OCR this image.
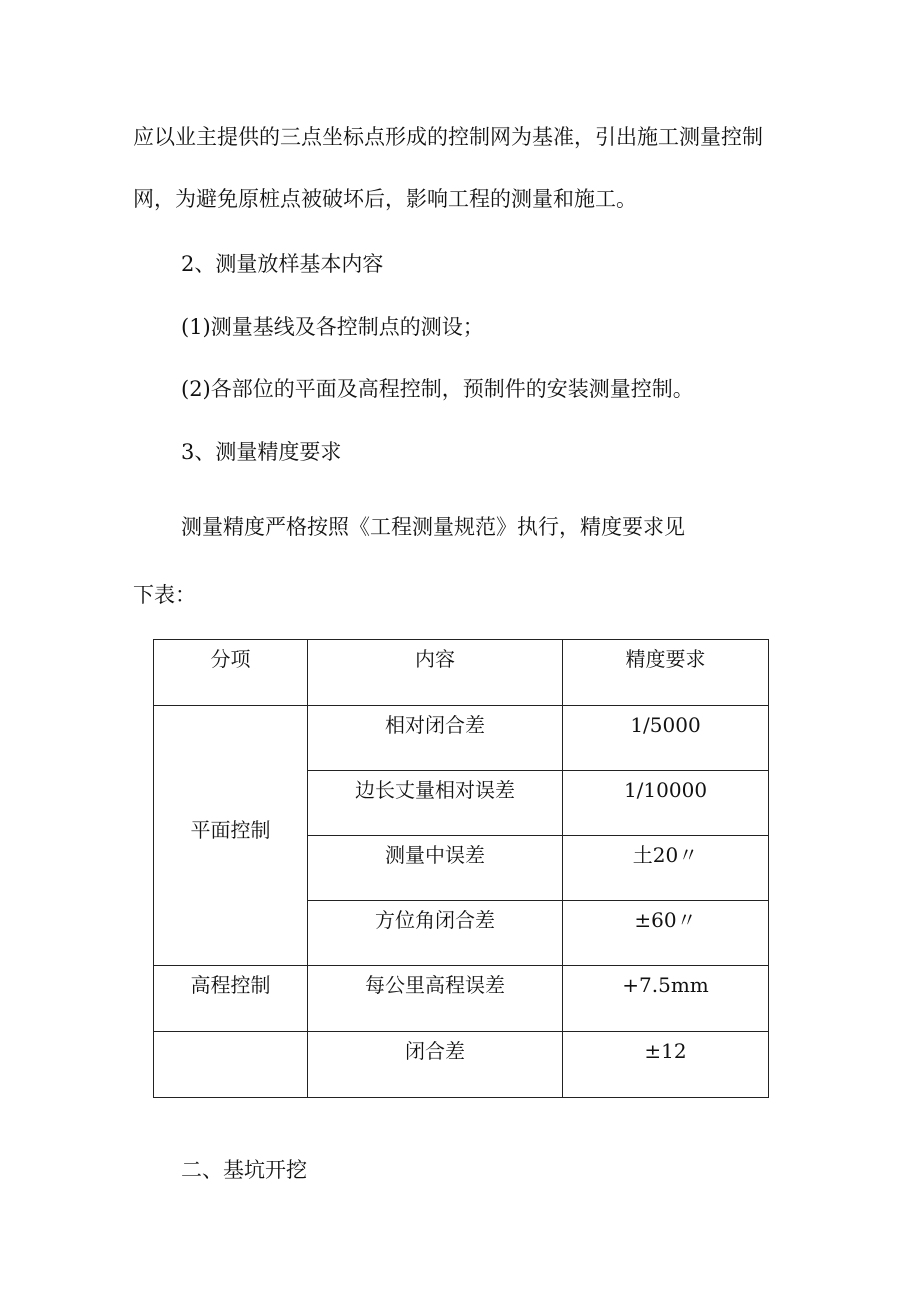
应以业主提供的三点坐标点形成的控制网为基准，引出施工测量控制

网，为避免原桩点被破坏后，影响工程的测量和施工。

2、测量放样基本内容

(1)测量基线及各控制点的测设；

(2)各部位的平面及高程控制，预制件的安装测量控制。

3、测量精度要求

测量精度严格按照《工程测量规范》执行，精度要求见

下表：

分项	内容	精度要求
平面控制	相对闭合差	1/5000
	边长丈量相对误差	1/10000
	测量中误差	土20〃
	方位角闭合差	±60〃
高程控制	每公里高程误差	+7.5mm
	闭合差	±12

二、基坑开挖
